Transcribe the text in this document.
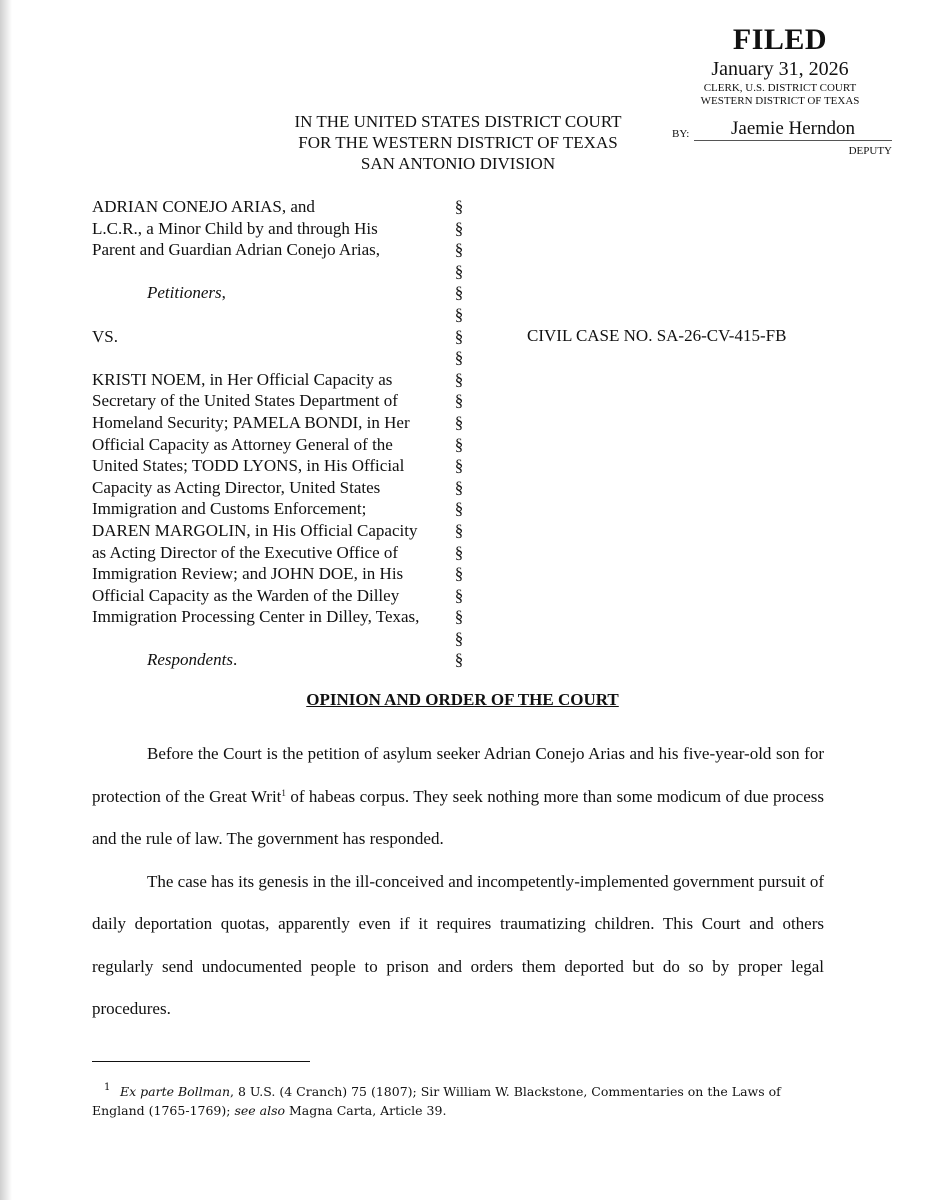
FILED
January 31, 2026
CLERK, U.S. DISTRICT COURT
WESTERN DISTRICT OF TEXAS
BY:	Jaemie Herndon
DEPUTY
IN THE UNITED STATES DISTRICT COURT
FOR THE WESTERN DISTRICT OF TEXAS
SAN ANTONIO DIVISION
ADRIAN CONEJO ARIAS, and
L.C.R., a Minor Child by and through His
Parent and Guardian Adrian Conejo Arias,
Petitioners,
VS.
KRISTI NOEM, in Her Official Capacity as
Secretary of the United States Department of
Homeland Security; PAMELA BONDI, in Her
Official Capacity as Attorney General of the
United States; TODD LYONS, in His Official
Capacity as Acting Director, United States
Immigration and Customs Enforcement;
DAREN MARGOLIN, in His Official Capacity
as Acting Director of the Executive Office of
Immigration Review; and JOHN DOE, in His
Official Capacity as the Warden of the Dilley
Immigration Processing Center in Dilley, Texas,
Respondents.
§
§
§
§
§
§
§
§
§
§
§
§
§
§
§
§
§
§
§
§
§
§
CIVIL CASE NO. SA-26-CV-415-FB
OPINION AND ORDER OF THE COURT

Before the Court is the petition of asylum seeker Adrian Conejo Arias and his five-year-old son for protection of the Great Writ$^1$ of habeas corpus. They seek nothing more than some modicum of due process and the rule of law. The government has responded.

The case has its genesis in the ill-conceived and incompetently-implemented government pursuit of daily deportation quotas, apparently even if it requires traumatizing children. This Court and others regularly send undocumented people to prison and orders them deported but do so by proper legal procedures.

1 Ex parte Bollman, 8 U.S. (4 Cranch) 75 (1807); Sir William W. Blackstone, Commentaries on the Laws of
England (1765-1769); see also Magna Carta, Article 39.
